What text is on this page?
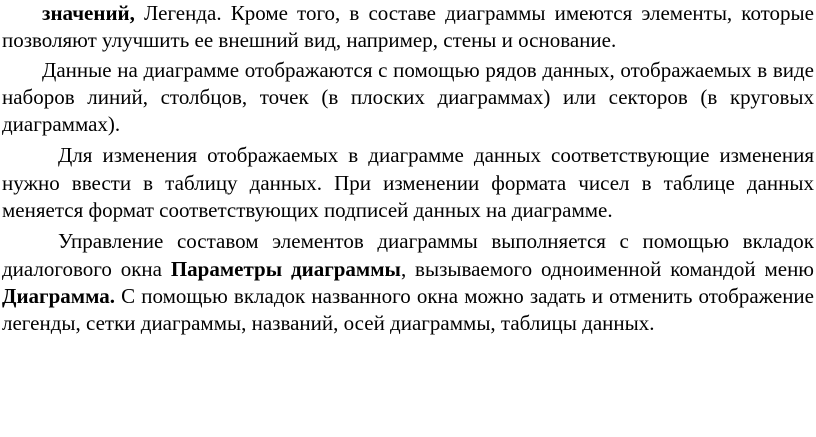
значений, Легенда. Кроме того, в составе диаграммы имеются элементы, которые позволяют улучшить ее внешний вид, например, стены и основание.

Данные на диаграмме отображаются с помощью рядов данных, отображаемых в виде наборов линий, столбцов, точек (в плоских диаграммах) или секторов (в круговых диаграммах).

Для изменения отображаемых в диаграмме данных соответствующие изменения нужно ввести в таблицу данных. При изменении формата чисел в таблице данных меняется формат соответствующих подписей данных на диаграмме.

Управление составом элементов диаграммы выполняется с помощью вкладок диалогового окна Параметры диаграммы, вызываемого одноименной командой меню Диаграмма. С помощью вкладок названного окна можно задать и отменить отображение легенды, сетки диаграммы, названий, осей диаграммы, таблицы данных.
